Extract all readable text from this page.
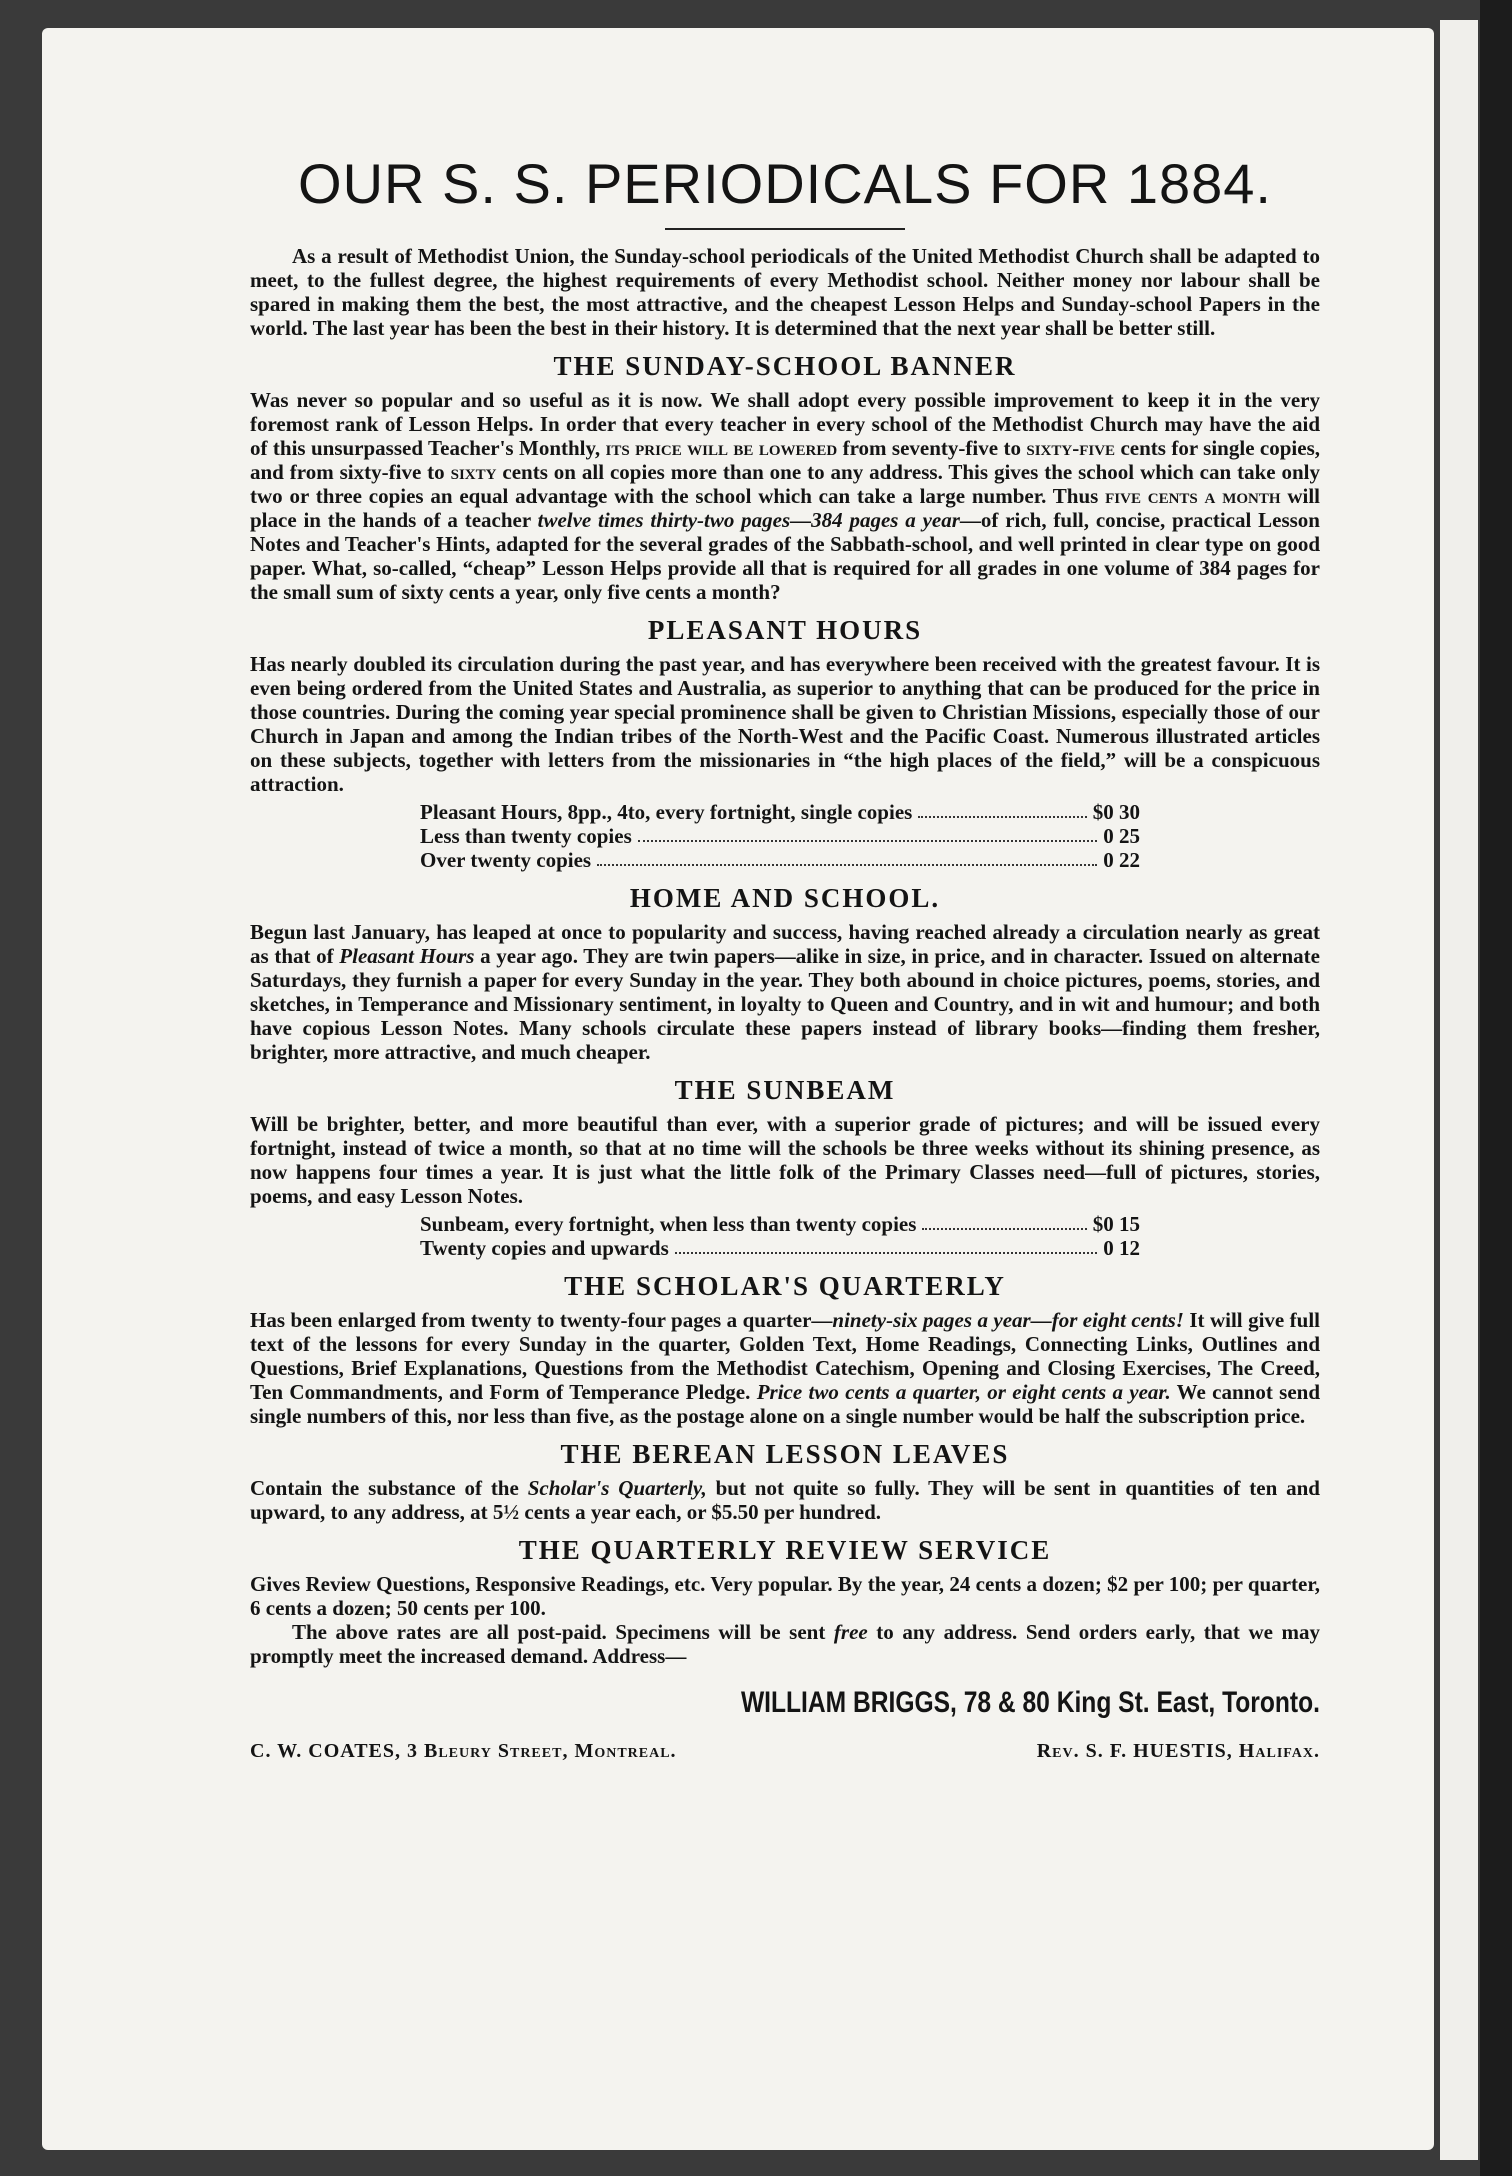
OUR S. S. PERIODICALS FOR 1884.

As a result of Methodist Union, the Sunday-school periodicals of the United Methodist Church shall be adapted to meet, to the fullest degree, the highest requirements of every Methodist school. Neither money nor labour shall be spared in making them the best, the most attractive, and the cheapest Lesson Helps and Sunday-school Papers in the world. The last year has been the best in their history. It is determined that the next year shall be better still.

THE SUNDAY-SCHOOL BANNER

Was never so popular and so useful as it is now. We shall adopt every possible improvement to keep it in the very foremost rank of Lesson Helps. In order that every teacher in every school of the Methodist Church may have the aid of this unsurpassed Teacher's Monthly, its price will be lowered from seventy-five to sixty-five cents for single copies, and from sixty-five to sixty cents on all copies more than one to any address. This gives the school which can take only two or three copies an equal advantage with the school which can take a large number. Thus five cents a month will place in the hands of a teacher twelve times thirty-two pages—384 pages a year—of rich, full, concise, practical Lesson Notes and Teacher's Hints, adapted for the several grades of the Sabbath-school, and well printed in clear type on good paper. What, so-called, “cheap” Lesson Helps provide all that is required for all grades in one volume of 384 pages for the small sum of sixty cents a year, only five cents a month?

PLEASANT HOURS

Has nearly doubled its circulation during the past year, and has everywhere been received with the greatest favour. It is even being ordered from the United States and Australia, as superior to anything that can be produced for the price in those countries. During the coming year special prominence shall be given to Christian Missions, especially those of our Church in Japan and among the Indian tribes of the North-West and the Pacific Coast. Numerous illustrated articles on these subjects, together with letters from the missionaries in “the high places of the field,” will be a conspicuous attraction.

Pleasant Hours, 8pp., 4to, every fortnight, single copies	$0 30
Less than twenty copies	0 25
Over twenty copies	0 22
HOME AND SCHOOL.

Begun last January, has leaped at once to popularity and success, having reached already a circulation nearly as great as that of Pleasant Hours a year ago. They are twin papers—alike in size, in price, and in character. Issued on alternate Saturdays, they furnish a paper for every Sunday in the year. They both abound in choice pictures, poems, stories, and sketches, in Temperance and Missionary sentiment, in loyalty to Queen and Country, and in wit and humour; and both have copious Lesson Notes. Many schools circulate these papers instead of library books—finding them fresher, brighter, more attractive, and much cheaper.

THE SUNBEAM

Will be brighter, better, and more beautiful than ever, with a superior grade of pictures; and will be issued every fortnight, instead of twice a month, so that at no time will the schools be three weeks without its shining presence, as now happens four times a year. It is just what the little folk of the Primary Classes need—full of pictures, stories, poems, and easy Lesson Notes.

Sunbeam, every fortnight, when less than twenty copies	$0 15
Twenty copies and upwards	0 12
THE SCHOLAR'S QUARTERLY

Has been enlarged from twenty to twenty-four pages a quarter—ninety-six pages a year—for eight cents! It will give full text of the lessons for every Sunday in the quarter, Golden Text, Home Readings, Connecting Links, Outlines and Questions, Brief Explanations, Questions from the Methodist Catechism, Opening and Closing Exercises, The Creed, Ten Commandments, and Form of Temperance Pledge. Price two cents a quarter, or eight cents a year. We cannot send single numbers of this, nor less than five, as the postage alone on a single number would be half the subscription price.

THE BEREAN LESSON LEAVES

Contain the substance of the Scholar's Quarterly, but not quite so fully. They will be sent in quantities of ten and upward, to any address, at 5½ cents a year each, or $5.50 per hundred.

THE QUARTERLY REVIEW SERVICE

Gives Review Questions, Responsive Readings, etc. Very popular. By the year, 24 cents a dozen; $2 per 100; per quarter, 6 cents a dozen; 50 cents per 100.

The above rates are all post-paid. Specimens will be sent free to any address. Send orders early, that we may promptly meet the increased demand. Address—

WILLIAM BRIGGS, 78 & 80 King St. East, Toronto.
C. W. COATES, 3 Bleury Street, Montreal.	Rev. S. F. HUESTIS, Halifax.
